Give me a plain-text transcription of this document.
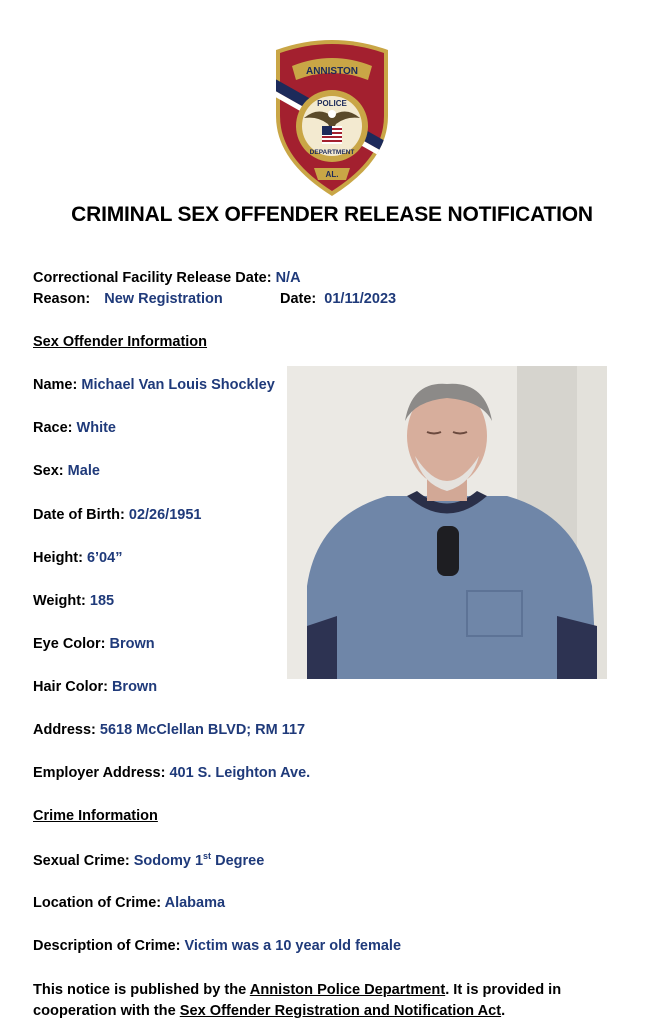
ANNISTON
POLICE
DEPARTMENT
AL.
CRIMINAL SEX OFFENDER RELEASE NOTIFICATION
Correctional Facility Release Date: N/A
Reason: New Registration	Date: 01/11/2023
Sex Offender Information
Name: Michael Van Louis Shockley
Race: White
Sex: Male
Date of Birth: 02/26/1951
Height: 6’04”
Weight: 185
Eye Color: Brown
Hair Color: Brown
Address: 5618 McClellan BLVD; RM 117
Employer Address: 401 S. Leighton Ave.
Crime Information
Sexual Crime: Sodomy 1st Degree
Location of Crime: Alabama
Description of Crime: Victim was a 10 year old female
This notice is published by the Anniston Police Department. It is provided in
cooperation with the Sex Offender Registration and Notification Act.
